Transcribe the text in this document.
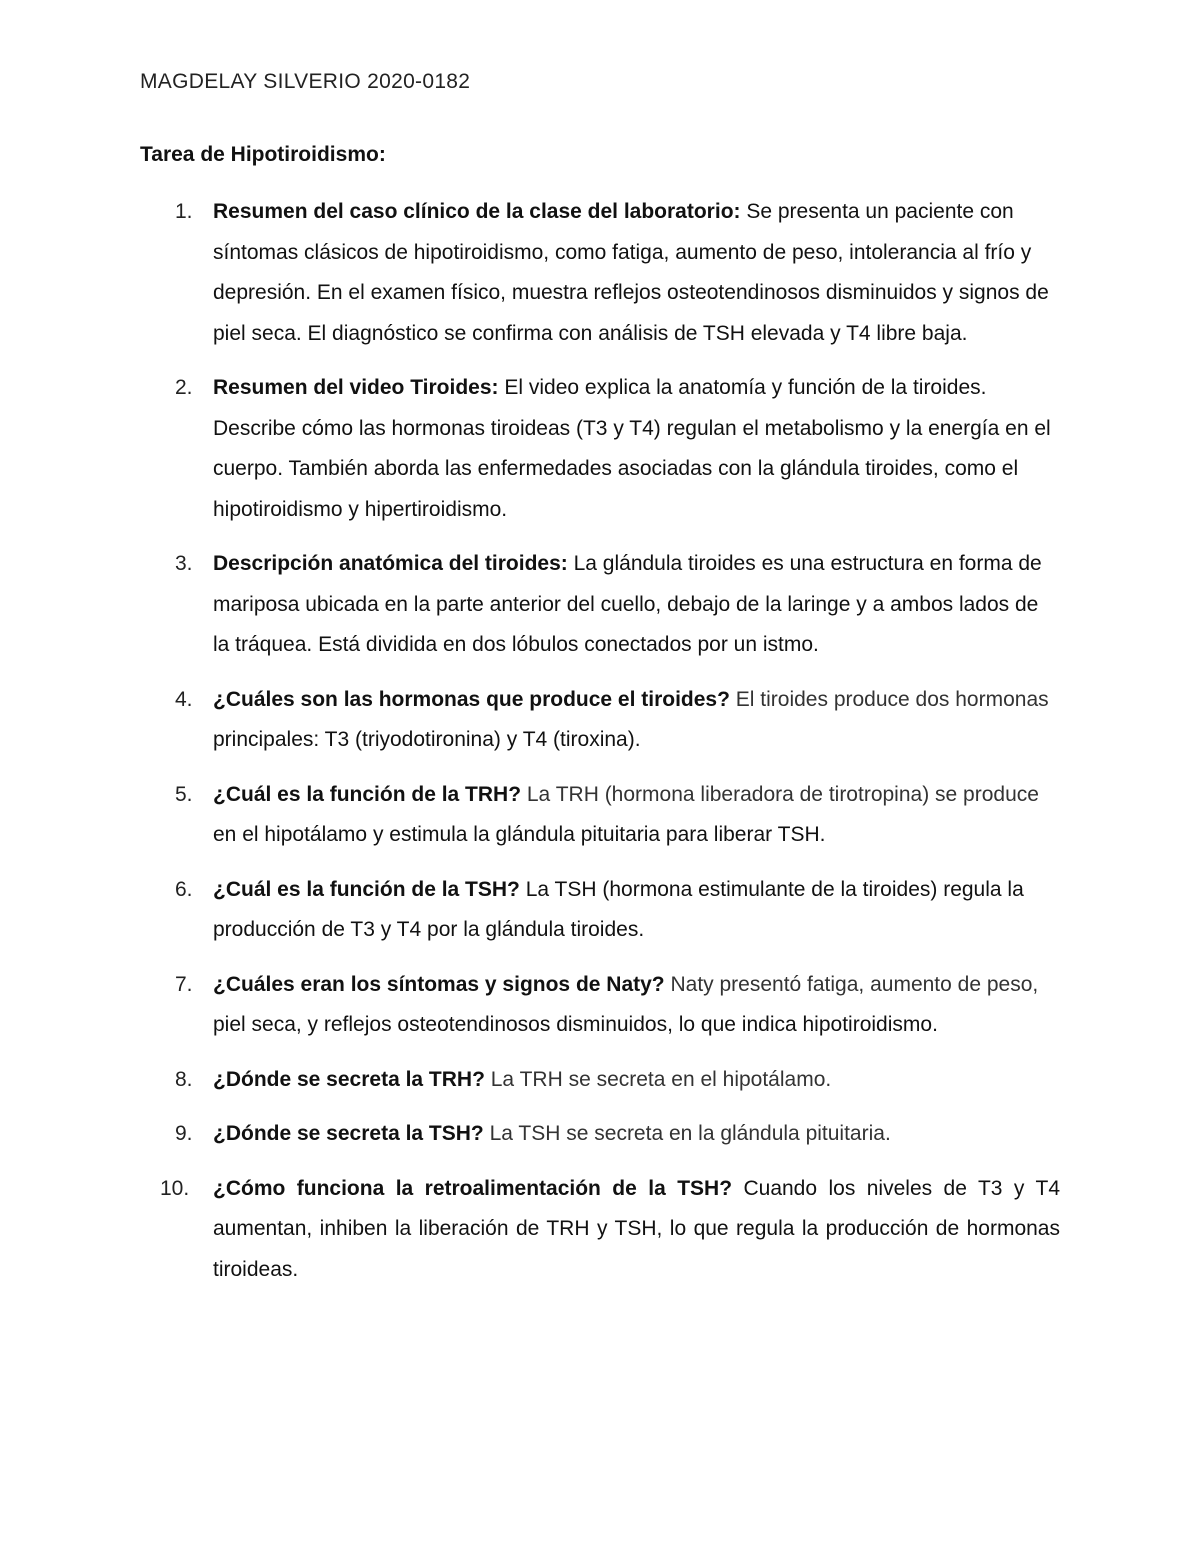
MAGDELAY SILVERIO 2020-0182
Tarea de Hipotiroidismo:
1. Resumen del caso clínico de la clase del laboratorio: Se presenta un paciente con síntomas clásicos de hipotiroidismo, como fatiga, aumento de peso, intolerancia al frío y depresión. En el examen físico, muestra reflejos osteotendinosos disminuidos y signos de piel seca. El diagnóstico se confirma con análisis de TSH elevada y T4 libre baja.
2. Resumen del video Tiroides: El video explica la anatomía y función de la tiroides. Describe cómo las hormonas tiroideas (T3 y T4) regulan el metabolismo y la energía en el cuerpo. También aborda las enfermedades asociadas con la glándula tiroides, como el hipotiroidismo y hipertiroidismo.
3. Descripción anatómica del tiroides: La glándula tiroides es una estructura en forma de mariposa ubicada en la parte anterior del cuello, debajo de la laringe y a ambos lados de la tráquea. Está dividida en dos lóbulos conectados por un istmo.
4. ¿Cuáles son las hormonas que produce el tiroides? El tiroides produce dos hormonas principales: T3 (triyodotironina) y T4 (tiroxina).
5. ¿Cuál es la función de la TRH? La TRH (hormona liberadora de tirotropina) se produce en el hipotálamo y estimula la glándula pituitaria para liberar TSH.
6. ¿Cuál es la función de la TSH? La TSH (hormona estimulante de la tiroides) regula la producción de T3 y T4 por la glándula tiroides.
7. ¿Cuáles eran los síntomas y signos de Naty? Naty presentó fatiga, aumento de peso, piel seca, y reflejos osteotendinosos disminuidos, lo que indica hipotiroidismo.
8. ¿Dónde se secreta la TRH? La TRH se secreta en el hipotálamo.
9. ¿Dónde se secreta la TSH? La TSH se secreta en la glándula pituitaria.
10. ¿Cómo funciona la retroalimentación de la TSH? Cuando los niveles de T3 y T4 aumentan, inhiben la liberación de TRH y TSH, lo que regula la producción de hormonas tiroideas.
